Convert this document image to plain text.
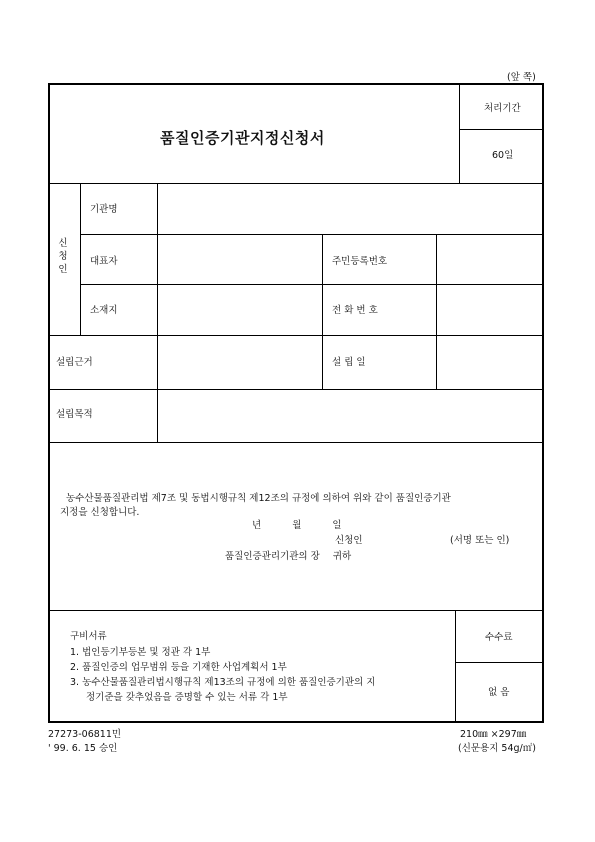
(앞 쪽)
품질인증기관지정신청서
처리기간
60일
신
청
인
기관명
대표자	주민등록번호
소재지	전 화 번 호
설립근거	설 립 일
설립목적
농수산물품질관리법 제7조 및 동법시행규칙 제12조의 규정에 의하여 위와 같이 품질인증기관
지정을 신청합니다.
년 월 일
신청인	(서명 또는 인)
품질인증관리기관의 장 귀하
구비서류
1. 법인등기부등본 및 정관 각 1부
2. 품질인증의 업무범위 등을 기재한 사업계획서 1부
3. 농수산물품질관리법시행규칙 제13조의 규정에 의한 품질인증기관의 지
정기준을 갖추었음을 증명할 수 있는 서류 각 1부
수수료
없 음
27273-06811민
' 99. 6. 15 승인
210㎜ ×297㎜
(신문용지 54g/㎡)
